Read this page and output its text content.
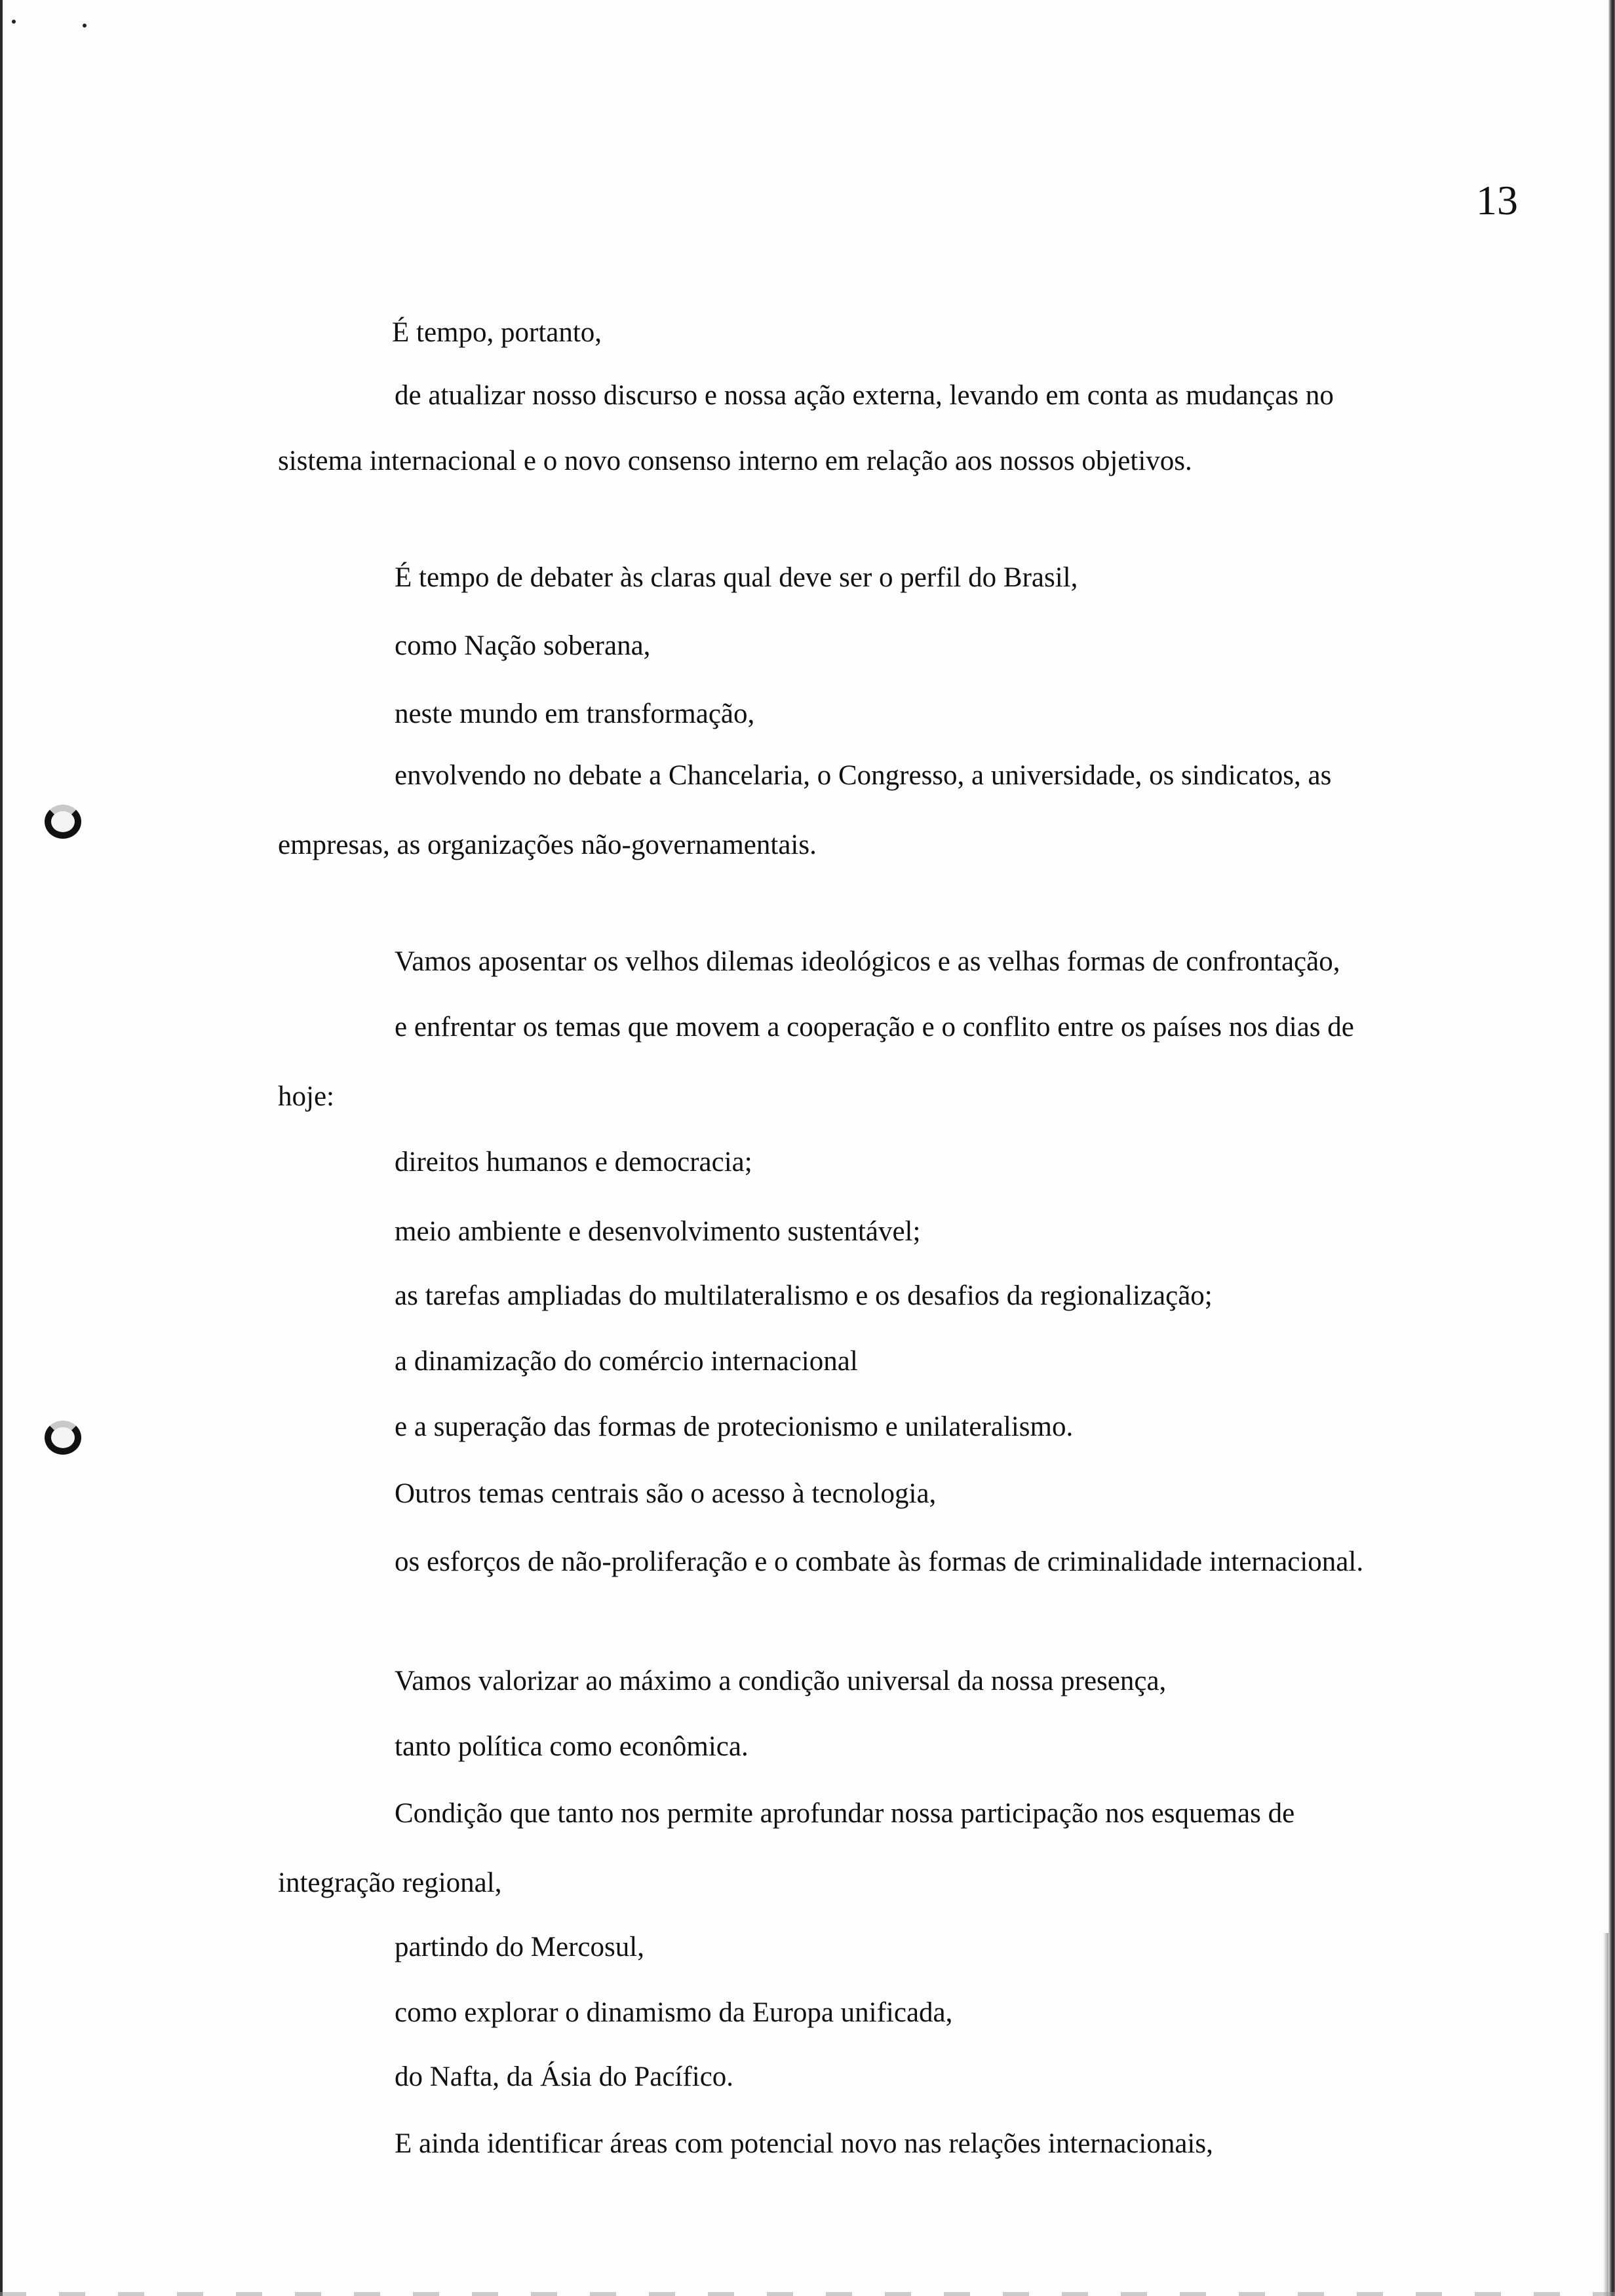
13
É tempo, portanto,
de atualizar nosso discurso e nossa ação externa, levando em conta as mudanças no
sistema internacional e o novo consenso interno em relação aos nossos objetivos.
É tempo de debater às claras qual deve ser o perfil do Brasil,
como Nação soberana,
neste mundo em transformação,
envolvendo no debate a Chancelaria, o Congresso, a universidade, os sindicatos, as
empresas, as organizações não-governamentais.
Vamos aposentar os velhos dilemas ideológicos e as velhas formas de confrontação,
e enfrentar os temas que movem a cooperação e o conflito entre os países nos dias de
hoje:
direitos humanos e democracia;
meio ambiente e desenvolvimento sustentável;
as tarefas ampliadas do multilateralismo e os desafios da regionalização;
a dinamização do comércio internacional
e a superação das formas de protecionismo e unilateralismo.
Outros temas centrais são o acesso à tecnologia,
os esforços de não-proliferação e o combate às formas de criminalidade internacional.
Vamos valorizar ao máximo a condição universal da nossa presença,
tanto política como econômica.
Condição que tanto nos permite aprofundar nossa participação nos esquemas de
integração regional,
partindo do Mercosul,
como explorar o dinamismo da Europa unificada,
do Nafta, da Ásia do Pacífico.
E ainda identificar áreas com potencial novo nas relações internacionais,
